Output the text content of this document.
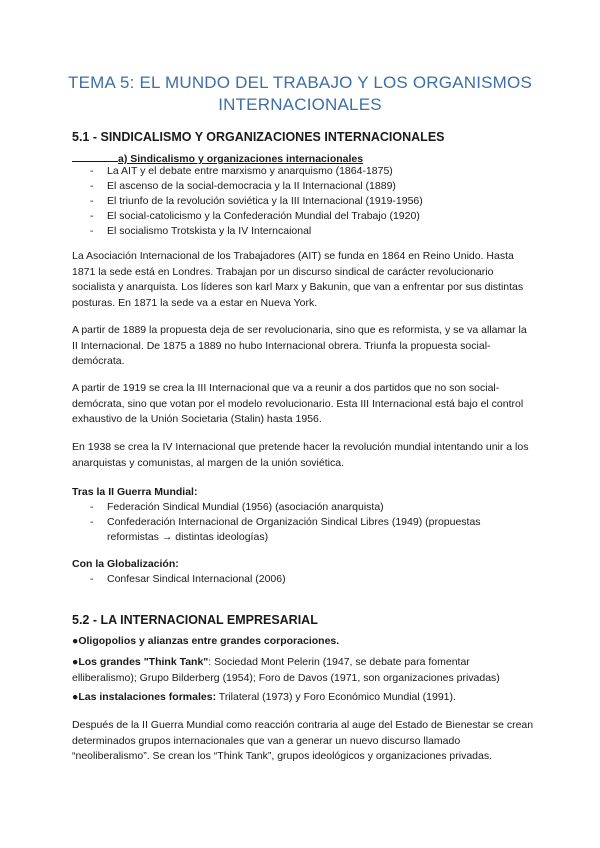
TEMA 5: EL MUNDO DEL TRABAJO Y LOS ORGANISMOS INTERNACIONALES
5.1 - SINDICALISMO Y ORGANIZACIONES INTERNACIONALES
a) Sindicalismo y organizaciones internacionales
- La AIT y el debate entre marxismo y anarquismo (1864-1875)
- El ascenso de la social-democracia y la II Internacional (1889)
- El triunfo de la revolución soviética y la III Internacional (1919-1956)
- El social-catolicismo y la Confederación Mundial del Trabajo (1920)
- El socialismo Trotskista y la IV Interncaional
La Asociación Internacional de los Trabajadores (AIT) se funda en 1864 en Reino Unido. Hasta 1871 la sede está en Londres. Trabajan por un discurso sindical de carácter revolucionario socialista y anarquista. Los líderes son karl Marx y Bakunin, que van a enfrentar por sus distintas posturas. En 1871 la sede va a estar en Nueva York.
A partir de 1889 la propuesta deja de ser revolucionaria, sino que es reformista, y se va allamar la II Internacional. De 1875 a 1889 no hubo Internacional obrera. Triunfa la propuesta social-demócrata.
A partir de 1919 se crea la III Internacional que va a reunir a dos partidos que no son social-demócrata, sino que votan por el modelo revolucionario. Esta III Internacional está bajo el control exhaustivo de la Unión Societaria (Stalin) hasta 1956.
En 1938 se crea la IV Internacional que pretende hacer la revolución mundial intentando unir a los anarquistas y comunistas, al margen de la unión soviética.
Tras la II Guerra Mundial:
- Federación Sindical Mundial (1956) (asociación anarquista)
- Confederación Internacional de Organización Sindical Libres (1949) (propuestas reformistas → distintas ideologías)
Con la Globalización:
- Confesar Sindical Internacional (2006)
5.2 - LA INTERNACIONAL EMPRESARIAL
●Oligopolios y alianzas entre grandes corporaciones.
●Los grandes "Think Tank": Sociedad Mont Pelerin (1947, se debate para fomentar elliberalismo); Grupo Bilderberg (1954); Foro de Davos (1971, son organizaciones privadas)
●Las instalaciones formales: Trilateral (1973) y Foro Económico Mundial (1991).
Después de la II Guerra Mundial como reacción contraria al auge del Estado de Bienestar se crean determinados grupos internacionales que van a generar un nuevo discurso llamado “neoliberalismo”. Se crean los “Think Tank”, grupos ideológicos y organizaciones privadas.
